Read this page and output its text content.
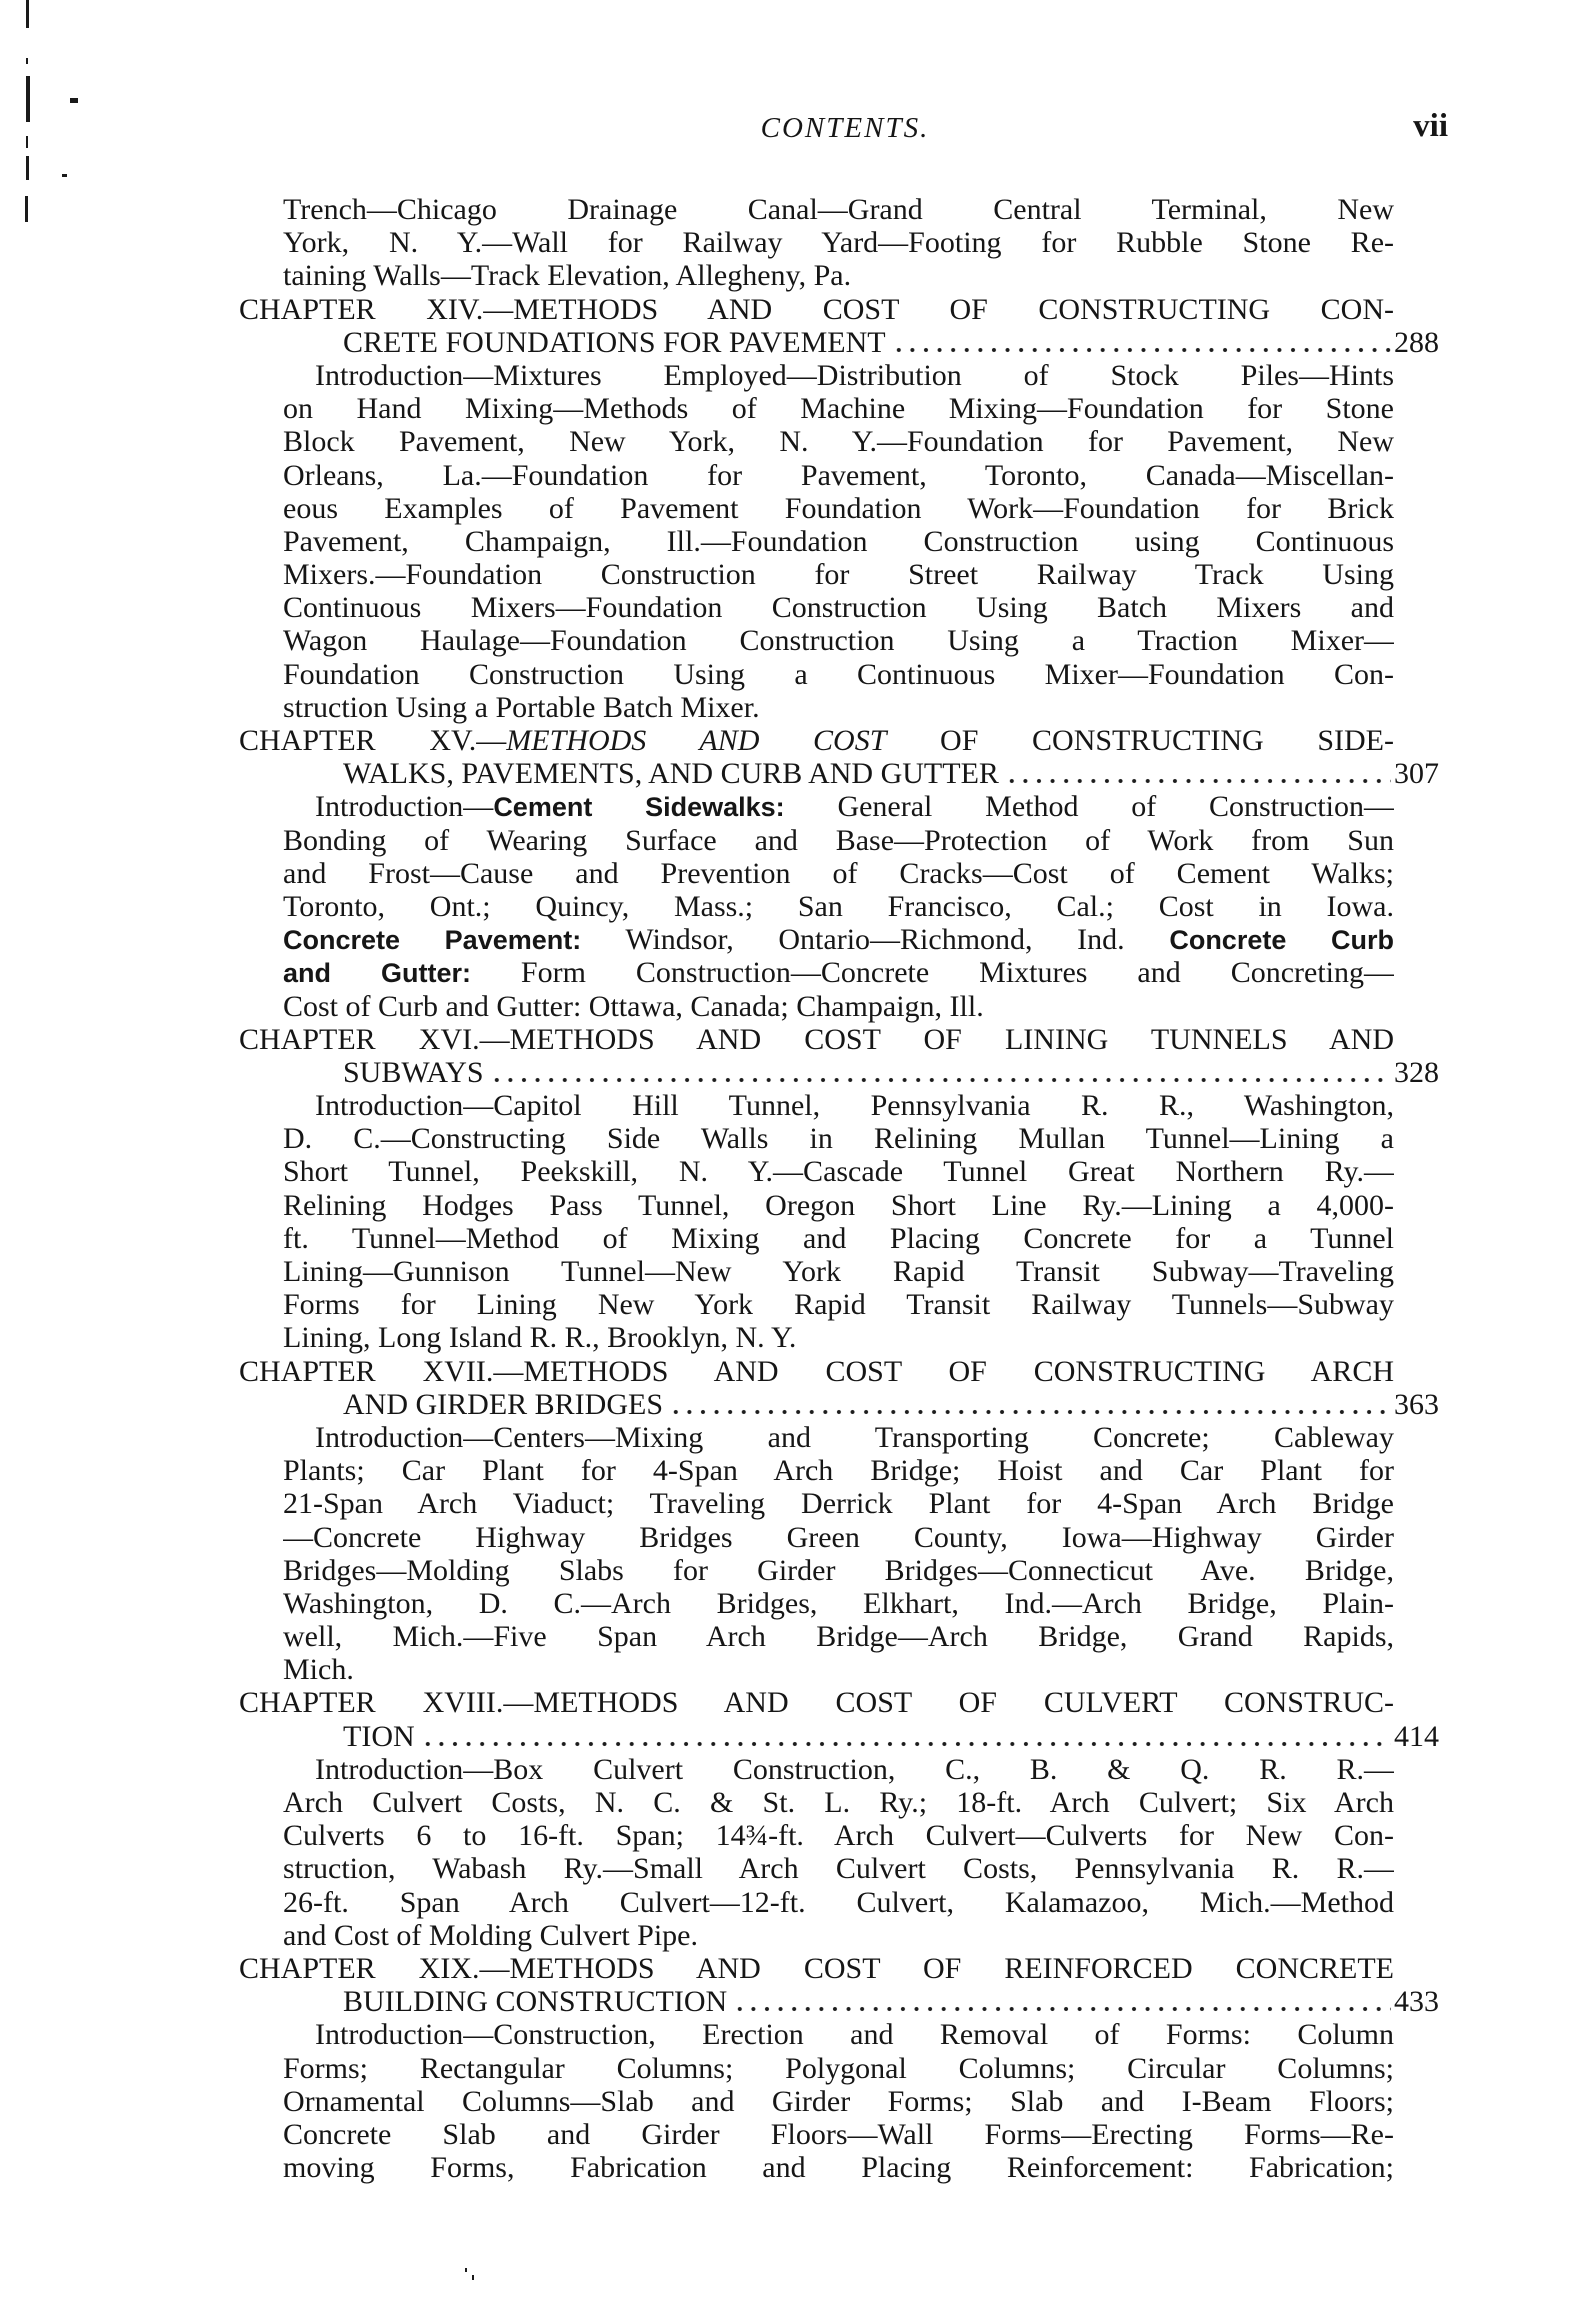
CONTENTS.	vii
Trench—Chicago Drainage Canal—Grand Central Terminal, New
York, N. Y.—Wall for Railway Yard—Footing for Rubble Stone Re-
taining Walls—Track Elevation, Allegheny, Pa.
CHAPTER XIV.—METHODS AND COST OF CONSTRUCTING CON-
CRETE FOUNDATIONS FOR PAVEMENT	288
Introduction—Mixtures Employed—Distribution of Stock Piles—Hints
on Hand Mixing—Methods of Machine Mixing—Foundation for Stone
Block Pavement, New York, N. Y.—Foundation for Pavement, New
Orleans, La.—Foundation for Pavement, Toronto, Canada—Miscellan-
eous Examples of Pavement Foundation Work—Foundation for Brick
Pavement, Champaign, Ill.—Foundation Construction using Continuous
Mixers.—Foundation Construction for Street Railway Track Using
Continuous Mixers—Foundation Construction Using Batch Mixers and
Wagon Haulage—Foundation Construction Using a Traction Mixer—
Foundation Construction Using a Continuous Mixer—Foundation Con-
struction Using a Portable Batch Mixer.
CHAPTER XV.—METHODS AND COST OF CONSTRUCTING SIDE-
WALKS, PAVEMENTS, AND CURB AND GUTTER	307
Introduction—Cement Sidewalks: General Method of Construction—
Bonding of Wearing Surface and Base—Protection of Work from Sun
and Frost—Cause and Prevention of Cracks—Cost of Cement Walks;
Toronto, Ont.; Quincy, Mass.; San Francisco, Cal.; Cost in Iowa.
Concrete Pavement: Windsor, Ontario—Richmond, Ind. Concrete Curb
and Gutter: Form Construction—Concrete Mixtures and Concreting—
Cost of Curb and Gutter: Ottawa, Canada; Champaign, Ill.
CHAPTER XVI.—METHODS AND COST OF LINING TUNNELS AND
SUBWAYS	328
Introduction—Capitol Hill Tunnel, Pennsylvania R. R., Washington,
D. C.—Constructing Side Walls in Relining Mullan Tunnel—Lining a
Short Tunnel, Peekskill, N. Y.—Cascade Tunnel Great Northern Ry.—
Relining Hodges Pass Tunnel, Oregon Short Line Ry.—Lining a 4,000-
ft. Tunnel—Method of Mixing and Placing Concrete for a Tunnel
Lining—Gunnison Tunnel—New York Rapid Transit Subway—Traveling
Forms for Lining New York Rapid Transit Railway Tunnels—Subway
Lining, Long Island R. R., Brooklyn, N. Y.
CHAPTER XVII.—METHODS AND COST OF CONSTRUCTING ARCH
AND GIRDER BRIDGES	363
Introduction—Centers—Mixing and Transporting Concrete; Cableway
Plants; Car Plant for 4-Span Arch Bridge; Hoist and Car Plant for
21-Span Arch Viaduct; Traveling Derrick Plant for 4-Span Arch Bridge
—Concrete Highway Bridges Green County, Iowa—Highway Girder
Bridges—Molding Slabs for Girder Bridges—Connecticut Ave. Bridge,
Washington, D. C.—Arch Bridges, Elkhart, Ind.—Arch Bridge, Plain-
well, Mich.—Five Span Arch Bridge—Arch Bridge, Grand Rapids,
Mich.
CHAPTER XVIII.—METHODS AND COST OF CULVERT CONSTRUC-
TION	414
Introduction—Box Culvert Construction, C., B. & Q. R. R.—
Arch Culvert Costs, N. C. & St. L. Ry.; 18-ft. Arch Culvert; Six Arch
Culverts 6 to 16-ft. Span; 14¾-ft. Arch Culvert—Culverts for New Con-
struction, Wabash Ry.—Small Arch Culvert Costs, Pennsylvania R. R.—
26-ft. Span Arch Culvert—12-ft. Culvert, Kalamazoo, Mich.—Method
and Cost of Molding Culvert Pipe.
CHAPTER XIX.—METHODS AND COST OF REINFORCED CONCRETE
BUILDING CONSTRUCTION	433
Introduction—Construction, Erection and Removal of Forms: Column
Forms; Rectangular Columns; Polygonal Columns; Circular Columns;
Ornamental Columns—Slab and Girder Forms; Slab and I-Beam Floors;
Concrete Slab and Girder Floors—Wall Forms—Erecting Forms—Re-
moving Forms, Fabrication and Placing Reinforcement: Fabrication;
